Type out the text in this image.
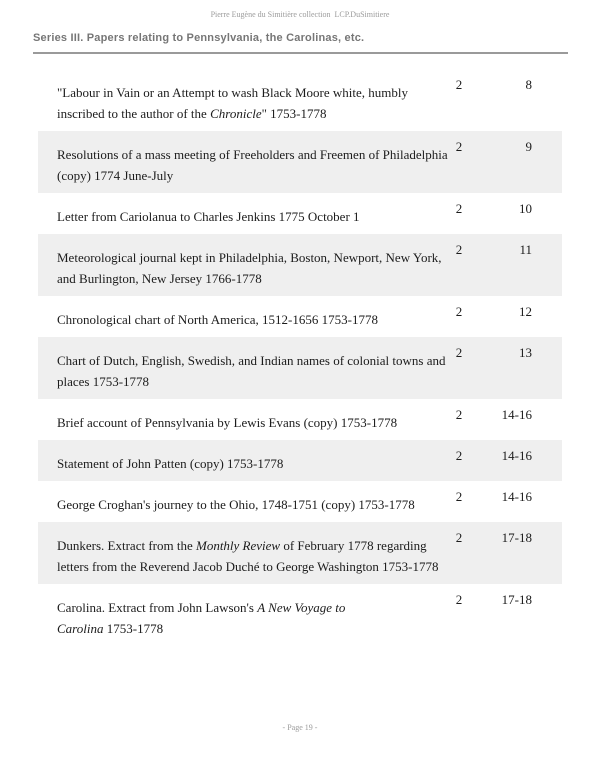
Pierre Eugène du Simitière collection  LCP.DuSimitiere
Series III. Papers relating to Pennsylvania, the Carolinas, etc.
"Labour in Vain or an Attempt to wash Black Moore white, humbly
inscribed to the author of the Chronicle" 1753-1778
2	8
Resolutions of a mass meeting of Freeholders and Freemen of Philadelphia
(copy) 1774 June-July
2	9
Letter from Cariolanua to Charles Jenkins 1775 October 1
2	10
Meteorological journal kept in Philadelphia, Boston, Newport, New York,
and Burlington, New Jersey 1766-1778
2	11
Chronological chart of North America, 1512-1656 1753-1778
2	12
Chart of Dutch, English, Swedish, and Indian names of colonial towns and
places 1753-1778
2	13
Brief account of Pennsylvania by Lewis Evans (copy) 1753-1778
2	14-16
Statement of John Patten (copy) 1753-1778
2	14-16
George Croghan's journey to the Ohio, 1748-1751 (copy) 1753-1778
2	14-16
Dunkers. Extract from the Monthly Review of February 1778 regarding
letters from the Reverend Jacob Duché to George Washington 1753-1778
2	17-18
Carolina. Extract from John Lawson's A New Voyage to
Carolina 1753-1778
2	17-18
- Page 19 -
